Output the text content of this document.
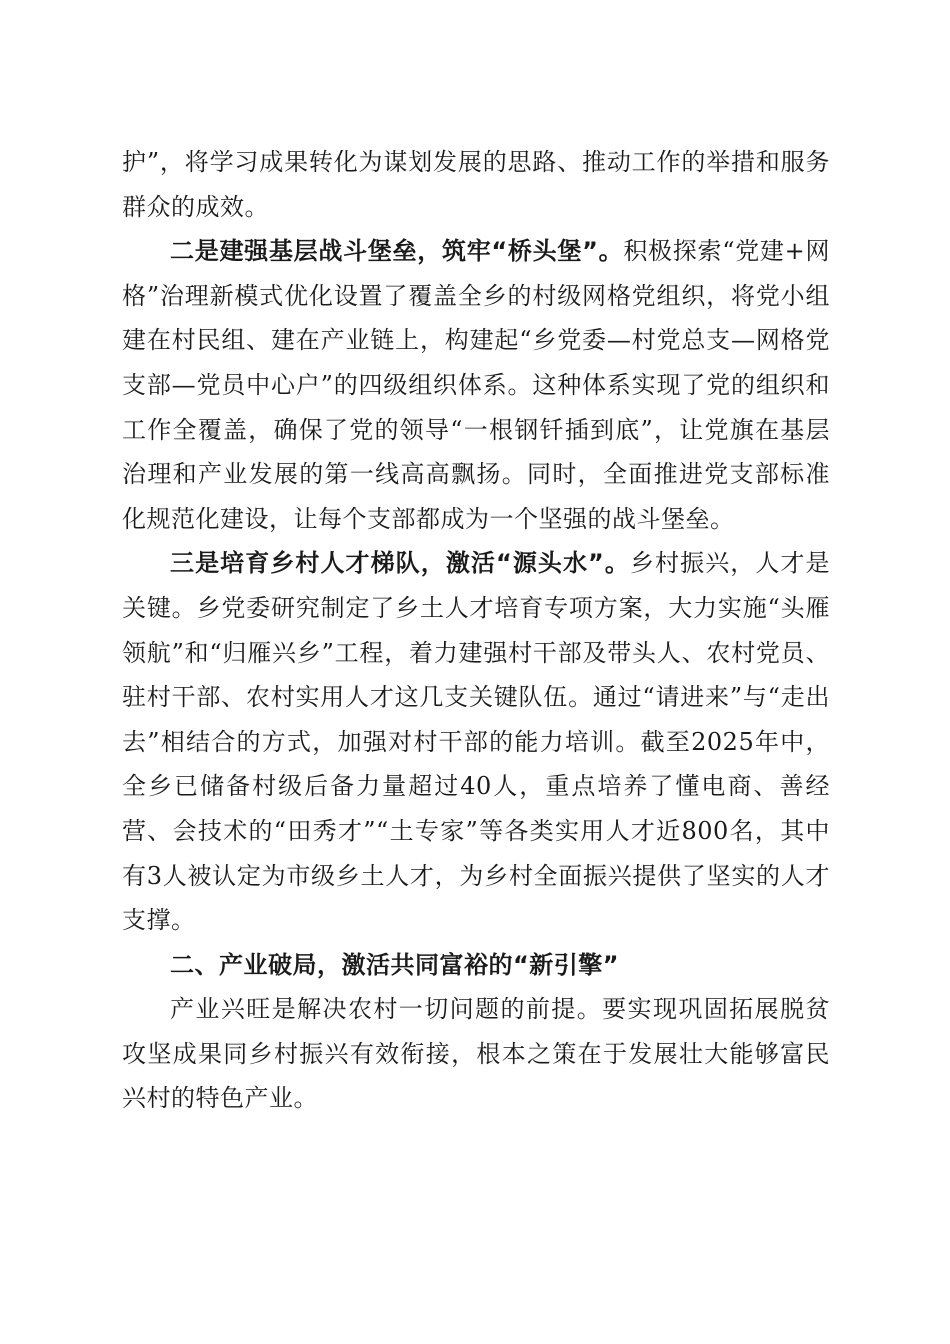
护”，将学习成果转化为谋划发展的思路、推动工作的举措和服务群众的成效。

二是建强基层战斗堡垒，筑牢“桥头堡”。积极探索“党建+网格”治理新模式优化设置了覆盖全乡的村级网格党组织，将党小组建在村民组、建在产业链上，构建起“乡党委—村党总支—网格党支部—党员中心户”的四级组织体系。这种体系实现了党的组织和工作全覆盖，确保了党的领导“一根钢钎插到底”，让党旗在基层治理和产业发展的第一线高高飘扬。同时，全面推进党支部标准化规范化建设，让每个支部都成为一个坚强的战斗堡垒。

三是培育乡村人才梯队，激活“源头水”。乡村振兴，人才是关键。乡党委研究制定了乡土人才培育专项方案，大力实施“头雁领航”和“归雁兴乡”工程，着力建强村干部及带头人、农村党员、驻村干部、农村实用人才这几支关键队伍。通过“请进来”与“走出去”相结合的方式，加强对村干部的能力培训。截至2025年中，全乡已储备村级后备力量超过40人，重点培养了懂电商、善经营、会技术的“田秀才”“土专家”等各类实用人才近800名，其中有3人被认定为市级乡土人才，为乡村全面振兴提供了坚实的人才支撑。

二、产业破局，激活共同富裕的“新引擎”

产业兴旺是解决农村一切问题的前提。要实现巩固拓展脱贫攻坚成果同乡村振兴有效衔接，根本之策在于发展壮大能够富民兴村的特色产业。
